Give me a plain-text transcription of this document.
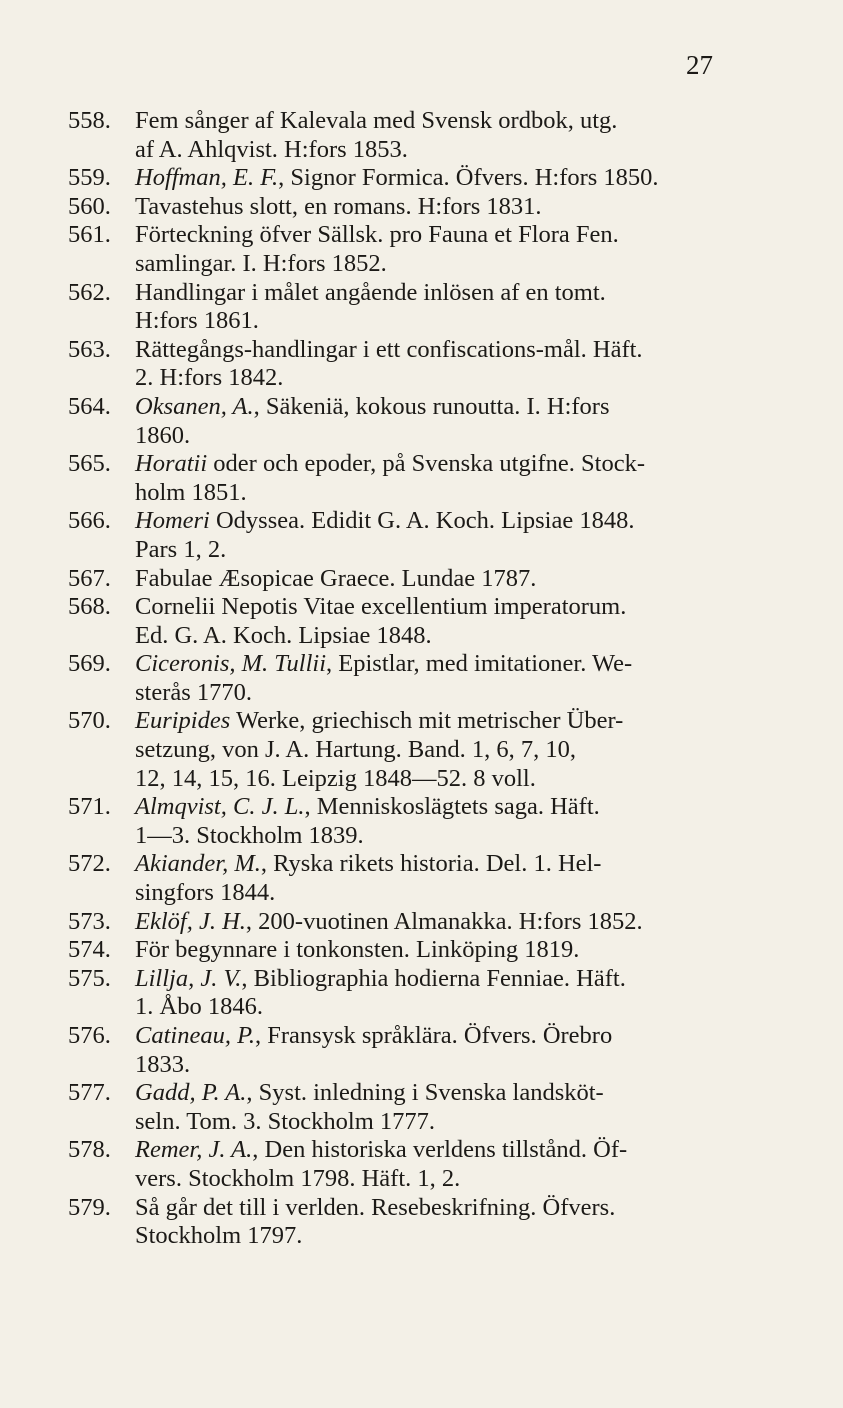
27
558. Fem sånger af Kalevala med Svensk ordbok, utg.
af A. Ahlqvist. H:fors 1853.
559. Hoffman, E. F., Signor Formica. Öfvers. H:fors 1850.
560. Tavastehus slott, en romans. H:fors 1831.
561. Förteckning öfver Sällsk. pro Fauna et Flora Fen.
samlingar. I. H:fors 1852.
562. Handlingar i målet angående inlösen af en tomt.
H:fors 1861.
563. Rättegångs-handlingar i ett confiscations-mål. Häft.
2. H:fors 1842.
564. Oksanen, A., Säkeniä, kokous runoutta. I. H:fors
1860.
565. Horatii oder och epoder, på Svenska utgifne. Stock-
holm 1851.
566. Homeri Odyssea. Edidit G. A. Koch. Lipsiae 1848.
Pars 1, 2.
567. Fabulae Æsopicae Graece. Lundae 1787.
568. Cornelii Nepotis Vitae excellentium imperatorum.
Ed. G. A. Koch. Lipsiae 1848.
569. Ciceronis, M. Tullii, Epistlar, med imitationer. We-
sterås 1770.
570. Euripides Werke, griechisch mit metrischer Über-
setzung, von J. A. Hartung. Band. 1, 6, 7, 10,
12, 14, 15, 16. Leipzig 1848—52. 8 voll.
571. Almqvist, C. J. L., Menniskoslägtets saga. Häft.
1—3. Stockholm 1839.
572. Akiander, M., Ryska rikets historia. Del. 1. Hel-
singfors 1844.
573. Eklöf, J. H., 200-vuotinen Almanakka. H:fors 1852.
574. För begynnare i tonkonsten. Linköping 1819.
575. Lillja, J. V., Bibliographia hodierna Fenniae. Häft.
1. Åbo 1846.
576. Catineau, P., Fransysk språklära. Öfvers. Örebro
1833.
577. Gadd, P. A., Syst. inledning i Svenska landsköt-
seln. Tom. 3. Stockholm 1777.
578. Remer, J. A., Den historiska verldens tillstånd. Öf-
vers. Stockholm 1798. Häft. 1, 2.
579. Så går det till i verlden. Resebeskrifning. Öfvers.
Stockholm 1797.
